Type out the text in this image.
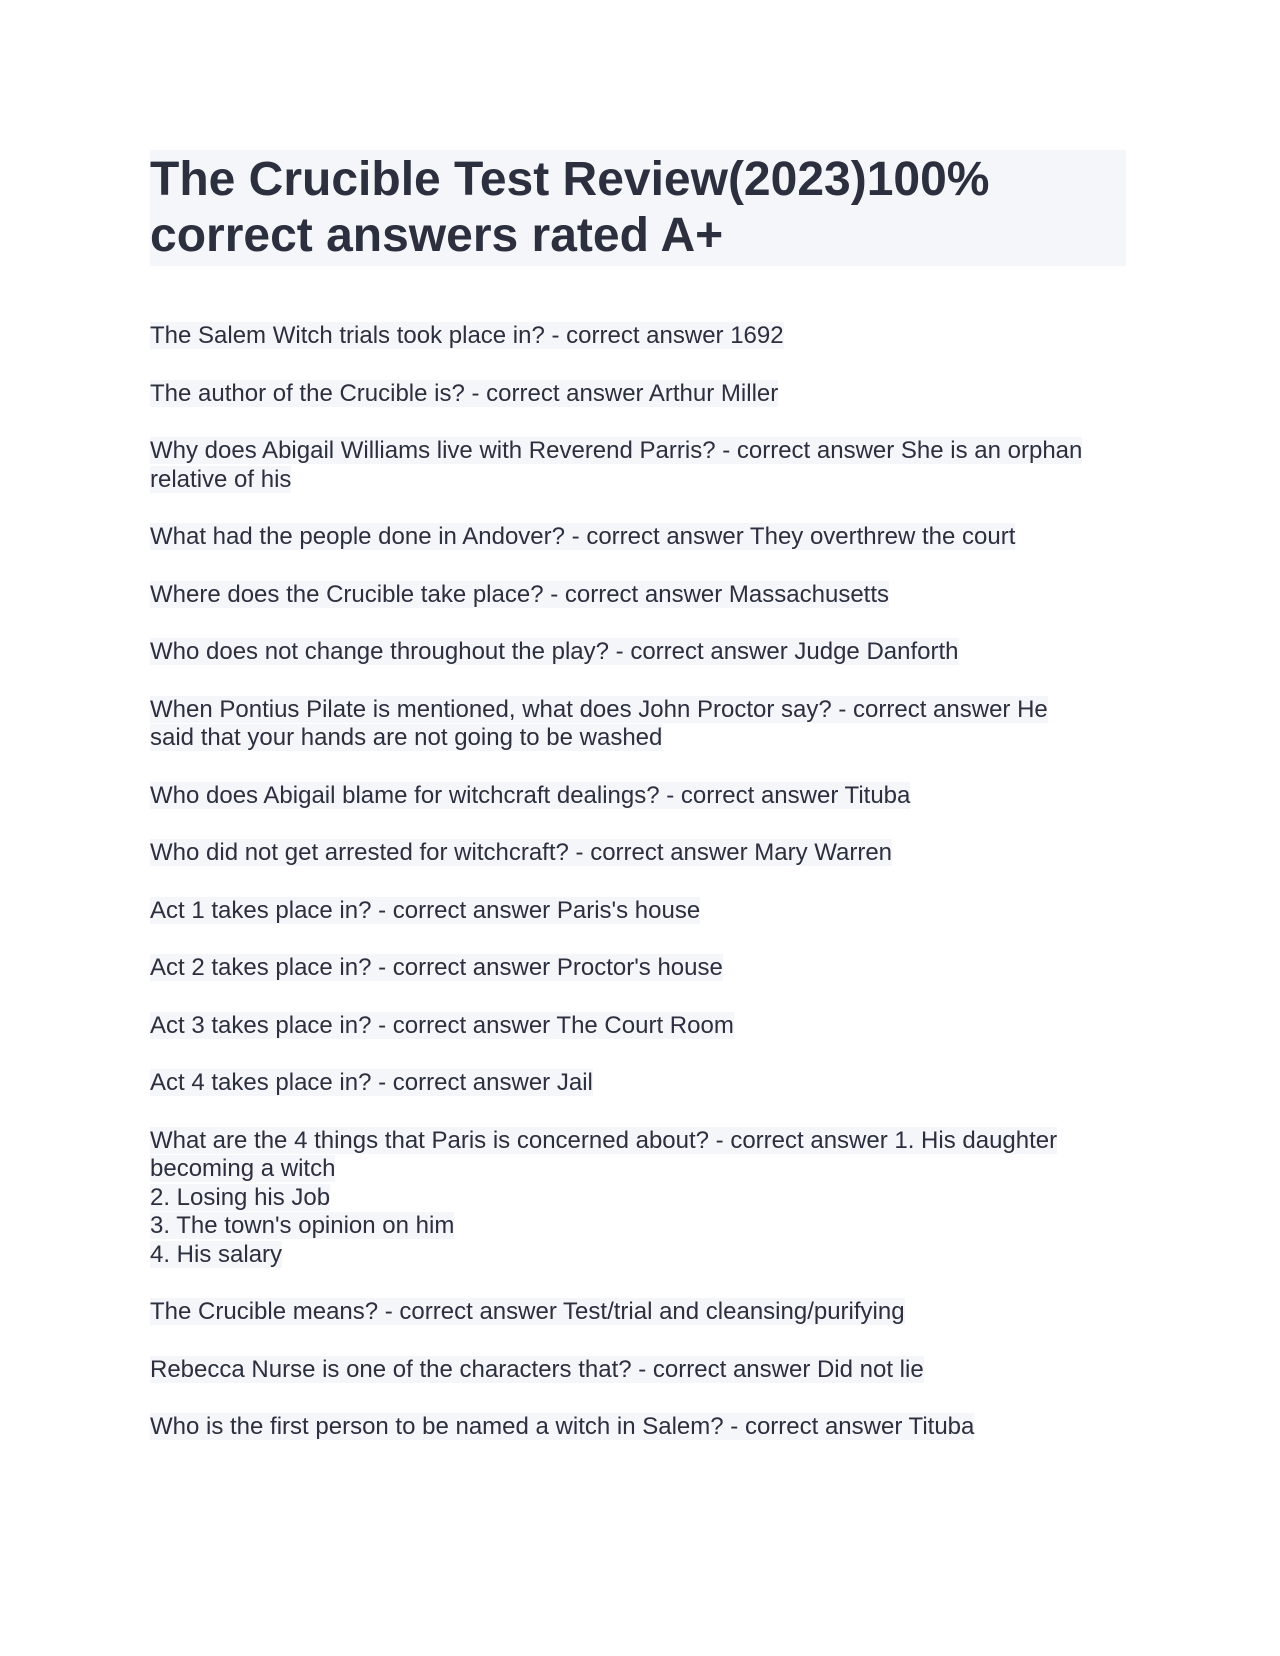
The Crucible Test Review(2023)100%
correct answers rated A+

The Salem Witch trials took place in? - correct answer 1692

The author of the Crucible is? - correct answer Arthur Miller

Why does Abigail Williams live with Reverend Parris? - correct answer She is an orphan
relative of his

What had the people done in Andover? - correct answer They overthrew the court

Where does the Crucible take place? - correct answer Massachusetts

Who does not change throughout the play? - correct answer Judge Danforth

When Pontius Pilate is mentioned, what does John Proctor say? - correct answer He
said that your hands are not going to be washed

Who does Abigail blame for witchcraft dealings? - correct answer Tituba

Who did not get arrested for witchcraft? - correct answer Mary Warren

Act 1 takes place in? - correct answer Paris's house

Act 2 takes place in? - correct answer Proctor's house

Act 3 takes place in? - correct answer The Court Room

Act 4 takes place in? - correct answer Jail

What are the 4 things that Paris is concerned about? - correct answer 1. His daughter
becoming a witch
2. Losing his Job
3. The town's opinion on him
4. His salary

The Crucible means? - correct answer Test/trial and cleansing/purifying

Rebecca Nurse is one of the characters that? - correct answer Did not lie

Who is the first person to be named a witch in Salem? - correct answer Tituba
